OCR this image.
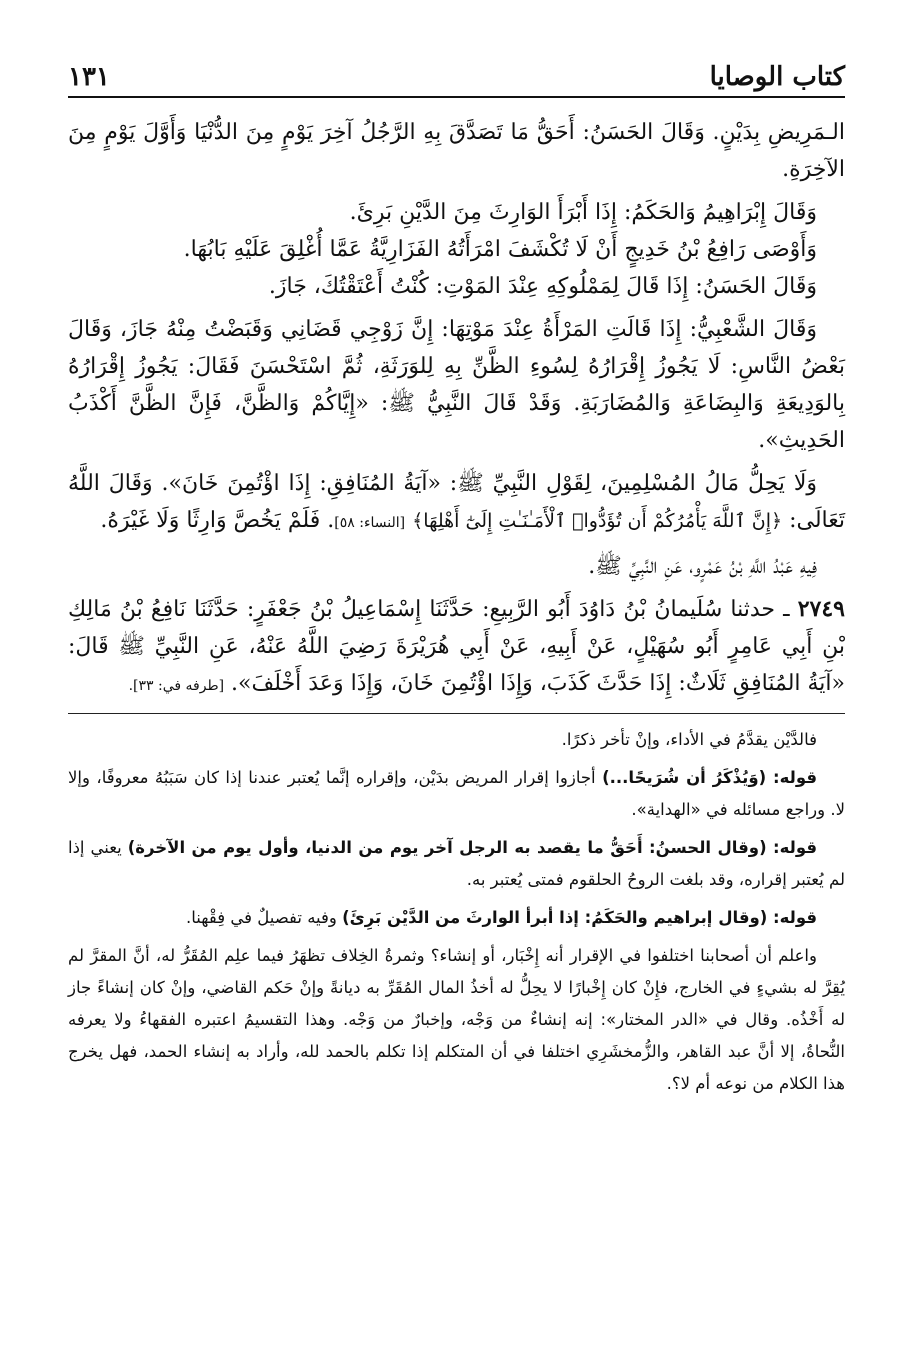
كتاب الوصايا
١٣١

الـمَرِيضِ بِدَيْنٍ. وَقَالَ الحَسَنُ: أَحَقُّ مَا تَصَدَّقَ بِهِ الرَّجُلُ آخِرَ يَوْمٍ مِنَ الدُّنْيَا وَأَوَّلَ يَوْمٍ مِنَ الآخِرَةِ.

وَقَالَ إِبْرَاهِيمُ وَالحَكَمُ: إِذَا أَبْرَأَ الوَارِثَ مِنَ الدَّيْنِ بَرِئَ.

وَأَوْصَى رَافِعُ بْنُ خَدِيجٍ أَنْ لَا تُكْشَفَ امْرَأَتُهُ الفَزَارِيَّةُ عَمَّا أُغْلِقَ عَلَيْهِ بَابُهَا.

وَقَالَ الحَسَنُ: إِذَا قَالَ لِمَمْلُوكِهِ عِنْدَ المَوْتِ: كُنْتُ أَعْتَقْتُكَ، جَازَ.

وَقَالَ الشَّعْبِيُّ: إِذَا قَالَتِ المَرْأَةُ عِنْدَ مَوْتِهَا: إِنَّ زَوْجِي قَضَانِي وَقَبَضْتُ مِنْهُ جَازَ، وَقَالَ بَعْضُ النَّاسِ: لَا يَجُوزُ إِقْرَارُهُ لِسُوءِ الظَّنِّ بِهِ لِلوَرَثَةِ، ثُمَّ اسْتَحْسَنَ فَقَالَ: يَجُوزُ إِقْرَارُهُ بِالوَدِيعَةِ وَالبِضَاعَةِ وَالمُضَارَبَةِ. وَقَدْ قَالَ النَّبِيُّ ﷺ: «إِيَّاكُمْ وَالظَّنَّ، فَإِنَّ الظَّنَّ أَكْذَبُ الحَدِيثِ».

وَلَا يَحِلُّ مَالُ المُسْلِمِينَ، لِقَوْلِ النَّبِيِّ ﷺ: «آيَةُ المُنَافِقِ: إِذَا اؤْتُمِنَ خَانَ». وَقَالَ اللَّهُ تَعَالَى: ﴿إِنَّ ٱللَّهَ يَأْمُرُكُمْ أَن تُؤَدُّوا۟ ٱلْأَمَـٰنَـٰتِ إِلَىٰٓ أَهْلِهَا﴾ [النساء: ٥٨]. فَلَمْ يَخُصَّ وَارِثًا وَلَا غَيْرَهُ.

فِيهِ عَبْدُ اللَّهِ بْنُ عَمْرٍو، عَنِ النَّبِيِّ ﷺ.

٢٧٤٩ ـ حدثنا سُلَيمانُ بْنُ دَاوُدَ أَبُو الرَّبِيعِ: حَدَّثَنَا إِسْمَاعِيلُ بْنُ جَعْفَرٍ: حَدَّثَنَا نَافِعُ بْنُ مَالِكِ بْنِ أَبِي عَامِرٍ أَبُو سُهَيْلٍ، عَنْ أَبِيهِ، عَنْ أَبِي هُرَيْرَةَ رَضِيَ اللَّهُ عَنْهُ، عَنِ النَّبِيِّ ﷺ قَالَ: «آيَةُ المُنَافِقِ ثَلَاثٌ: إِذَا حَدَّثَ كَذَبَ، وَإِذَا اؤْتُمِنَ خَانَ، وَإِذَا وَعَدَ أَخْلَفَ». [طرفه في: ٣٣].

فالدَّيْن يقدَّمُ في الأداء، وإنْ تأخر ذكرًا.

قوله: (وَيُذْكَرُ أن شُرَيحًا...) أجازوا إقرار المريض بدَيْن، وإقراره إنَّما يُعتبر عندنا إذا كان سَبَبُهُ معروفًا، وإلا لا. وراجع مسائله في «الهداية».

قوله: (وقال الحسنُ: أَحَقُّ ما يقصد به الرجل آخر يوم من الدنيا، وأول يوم من الآخرة) يعني إذا لم يُعتبر إقراره، وقد بلغت الروحُ الحلقوم فمتى يُعتبر به.

قوله: (وقال إبراهيم والحَكَمُ: إذا أبرأ الوارثَ من الدَّيْن بَرِئَ) وفيه تفصيلٌ في فِقْهنا.

واعلم أن أصحابنا اختلفوا في الإقرار أنه إِخْبَار، أو إنشاء؟ وثمرةُ الخِلاف تظهَرُ فيما علِم المُقَرُّ له، أنَّ المقرَّ لم يُقِرَّ له بشيءٍ في الخارج، فإِنْ كان إِخْبارًا لا يحِلُّ له أخذُ المال المُقَرِّ به ديانةً وإنْ حَكم القاضي، وإنْ كان إنشاءً جاز له أَخْذُه. وقال في «الدر المختار»: إنه إنشاءٌ من وَجْه، وإخبارٌ من وَجْه. وهذا التقسيمُ اعتبره الفقهاءُ ولا يعرفه النُّحاةُ، إلا أنَّ عبد القاهر، والزُّمخشَرِي اختلفا في أن المتكلم إذا تكلم بالحمد لله، وأراد به إنشاء الحمد، فهل يخرج هذا الكلام من نوعه أم لا؟.
